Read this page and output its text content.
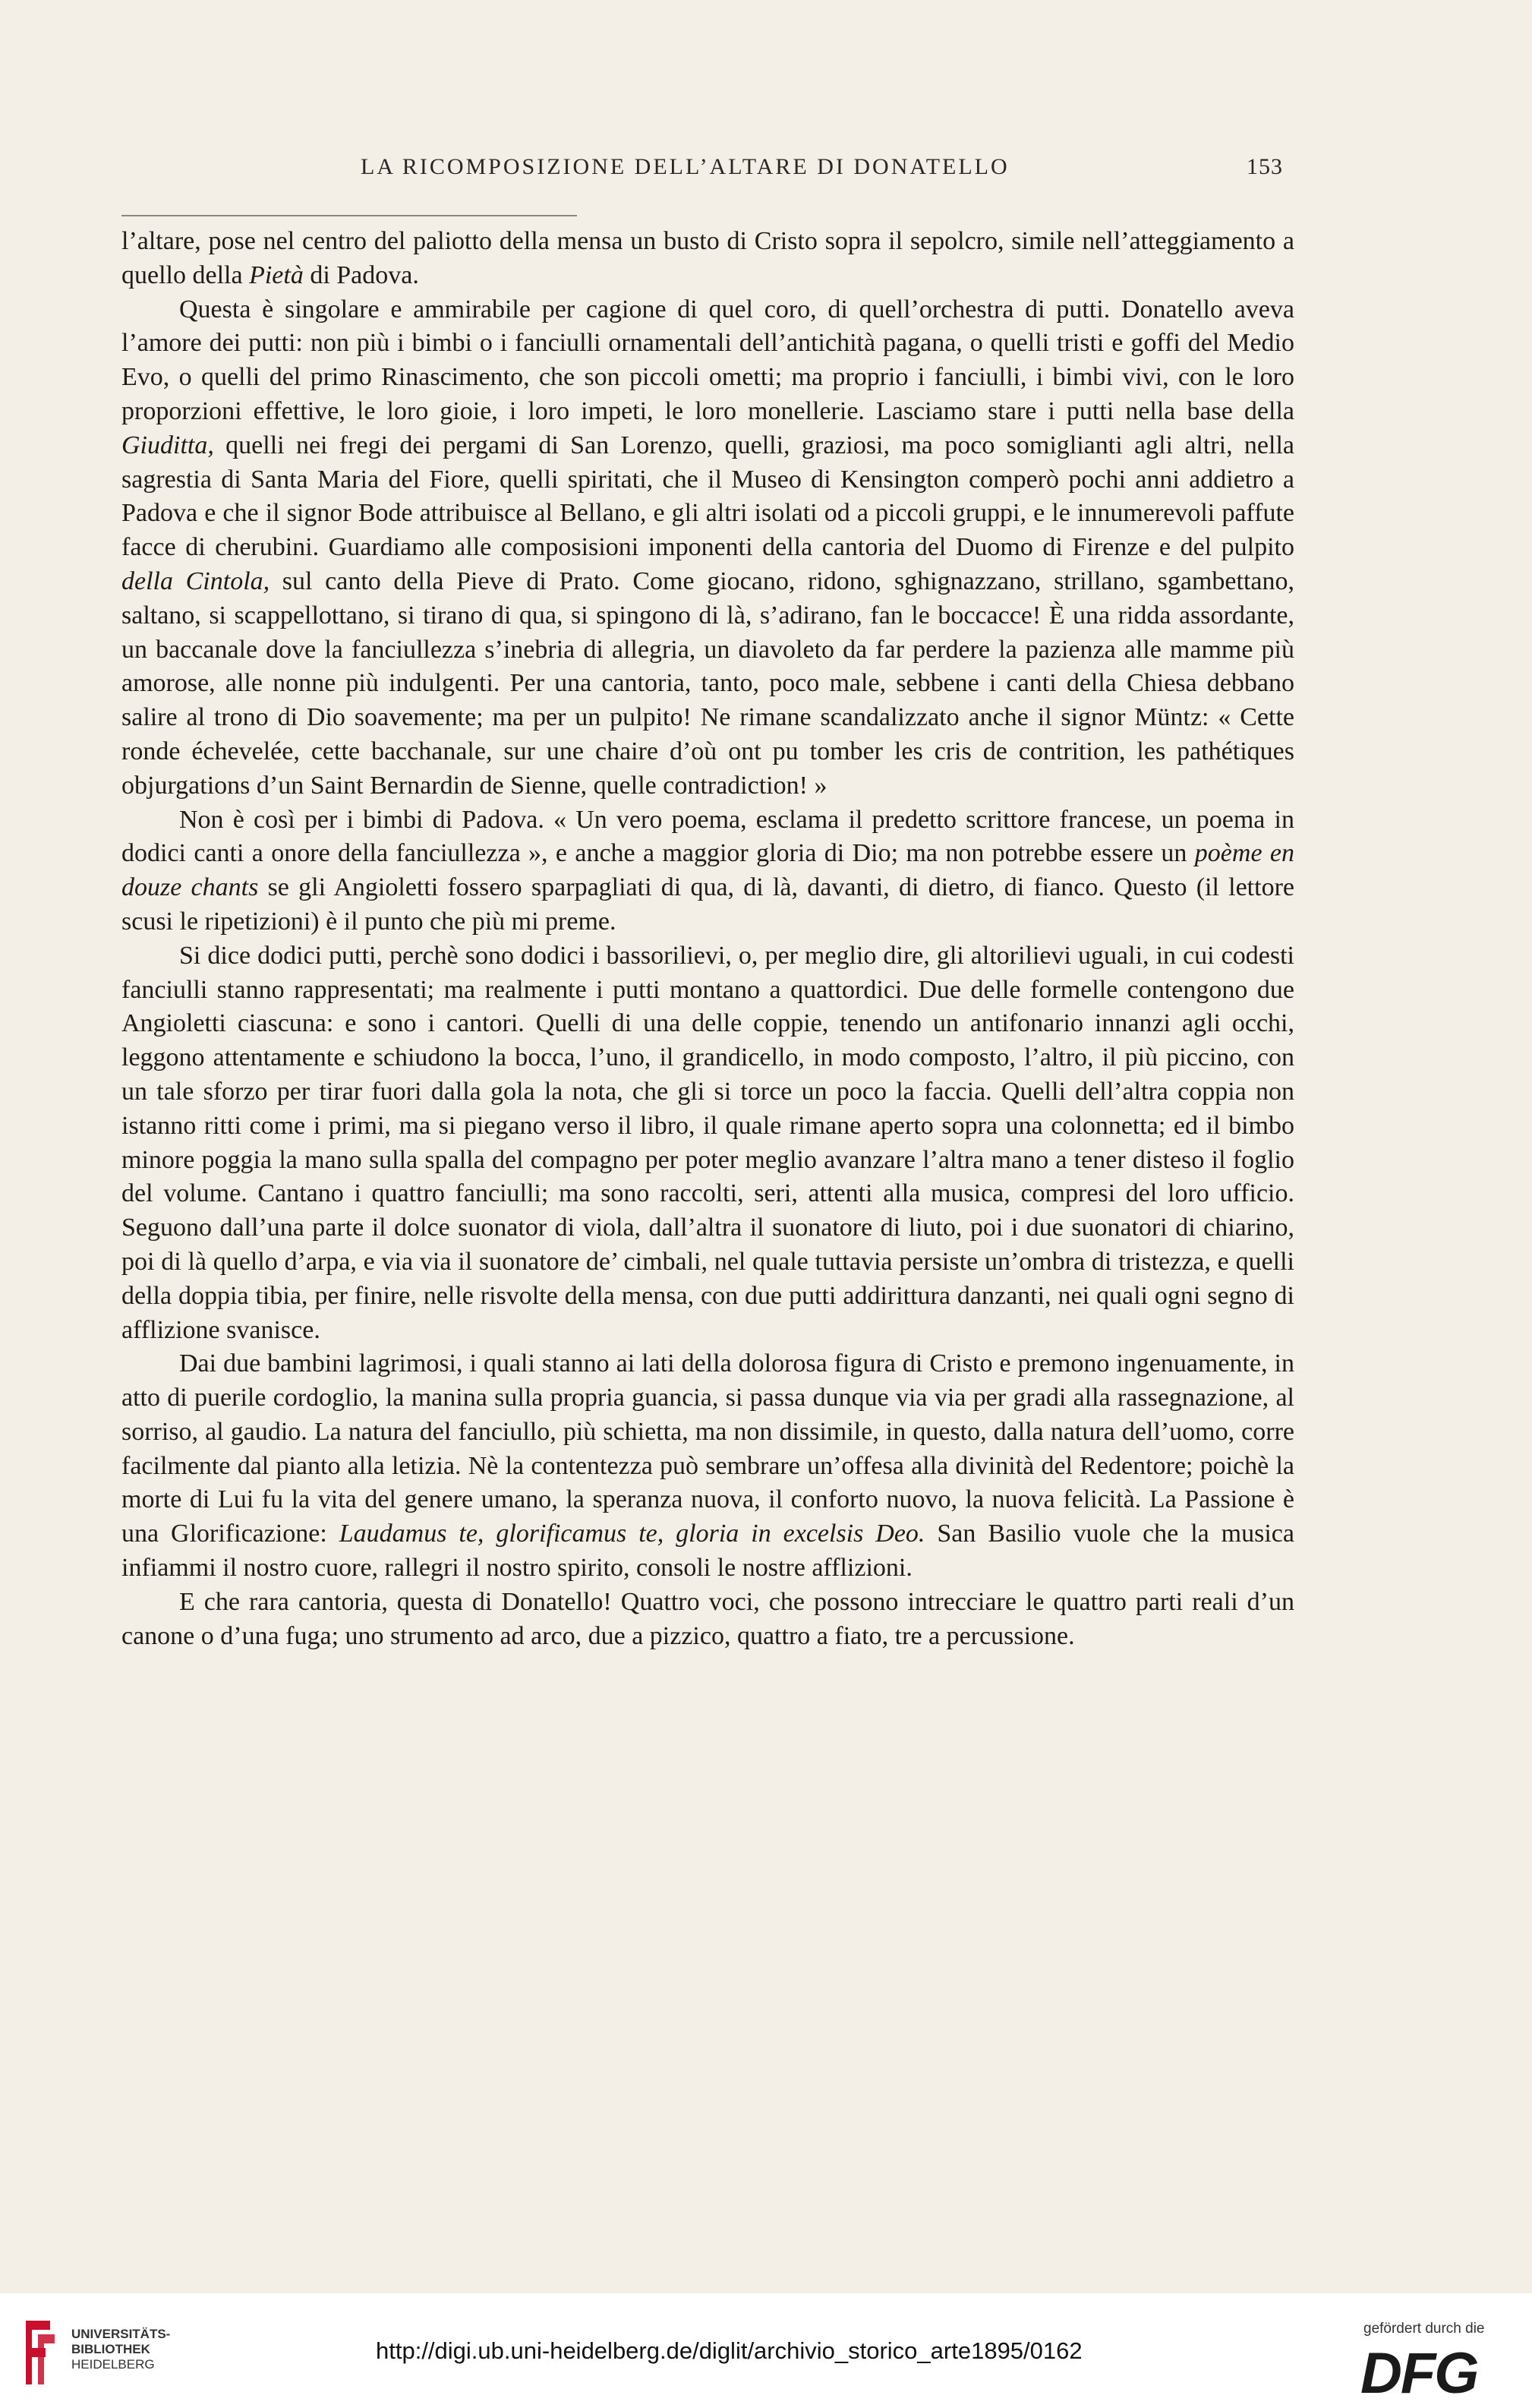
LA RICOMPOSIZIONE DELL’ALTARE DI DONATELLO	153

l’altare, pose nel centro del paliotto della mensa un busto di Cristo sopra il sepolcro, simile nell’atteggiamento a quello della Pietà di Padova.

Questa è singolare e ammirabile per cagione di quel coro, di quell’orchestra di putti. Donatello aveva l’amore dei putti: non più i bimbi o i fanciulli ornamentali dell’antichità pagana, o quelli tristi e goffi del Medio Evo, o quelli del primo Rinascimento, che son piccoli ometti; ma proprio i fanciulli, i bimbi vivi, con le loro proporzioni effettive, le loro gioie, i loro impeti, le loro monellerie. Lasciamo stare i putti nella base della Giuditta, quelli nei fregi dei pergami di San Lorenzo, quelli, graziosi, ma poco somiglianti agli altri, nella sagrestia di Santa Maria del Fiore, quelli spiritati, che il Museo di Kensington comperò pochi anni addietro a Padova e che il signor Bode attribuisce al Bellano, e gli altri isolati od a piccoli gruppi, e le innumerevoli paffute facce di cherubini. Guardiamo alle composisioni imponenti della cantoria del Duomo di Firenze e del pulpito della Cintola, sul canto della Pieve di Prato. Come giocano, ridono, sghignazzano, strillano, sgambettano, saltano, si scappellottano, si tirano di qua, si spingono di là, s’adirano, fan le boccacce! È una ridda assordante, un baccanale dove la fanciullezza s’inebria di allegria, un diavoleto da far perdere la pazienza alle mamme più amorose, alle nonne più indulgenti. Per una cantoria, tanto, poco male, sebbene i canti della Chiesa debbano salire al trono di Dio soavemente; ma per un pulpito! Ne rimane scandalizzato anche il signor Müntz: « Cette ronde échevelée, cette bacchanale, sur une chaire d’où ont pu tomber les cris de contrition, les pathétiques objurgations d’un Saint Bernardin de Sienne, quelle contradiction! »

Non è così per i bimbi di Padova. « Un vero poema, esclama il predetto scrittore francese, un poema in dodici canti a onore della fanciullezza », e anche a maggior gloria di Dio; ma non potrebbe essere un poème en douze chants se gli Angioletti fossero sparpagliati di qua, di là, davanti, di dietro, di fianco. Questo (il lettore scusi le ripetizioni) è il punto che più mi preme.

Si dice dodici putti, perchè sono dodici i bassorilievi, o, per meglio dire, gli altorilievi uguali, in cui codesti fanciulli stanno rappresentati; ma realmente i putti montano a quattordici. Due delle formelle contengono due Angioletti ciascuna: e sono i cantori. Quelli di una delle coppie, tenendo un antifonario innanzi agli occhi, leggono attentamente e schiudono la bocca, l’uno, il grandicello, in modo composto, l’altro, il più piccino, con un tale sforzo per tirar fuori dalla gola la nota, che gli si torce un poco la faccia. Quelli dell’altra coppia non istanno ritti come i primi, ma si piegano verso il libro, il quale rimane aperto sopra una colonnetta; ed il bimbo minore poggia la mano sulla spalla del compagno per poter meglio avanzare l’altra mano a tener disteso il foglio del volume. Cantano i quattro fanciulli; ma sono raccolti, seri, attenti alla musica, compresi del loro ufficio. Seguono dall’una parte il dolce suonator di viola, dall’altra il suonatore di liuto, poi i due suonatori di chiarino, poi di là quello d’arpa, e via via il suonatore de’ cimbali, nel quale tuttavia persiste un’ombra di tristezza, e quelli della doppia tibia, per finire, nelle risvolte della mensa, con due putti addirittura danzanti, nei quali ogni segno di afflizione svanisce.

Dai due bambini lagrimosi, i quali stanno ai lati della dolorosa figura di Cristo e premono ingenuamente, in atto di puerile cordoglio, la manina sulla propria guancia, si passa dunque via via per gradi alla rassegnazione, al sorriso, al gaudio. La natura del fanciullo, più schietta, ma non dissimile, in questo, dalla natura dell’uomo, corre facilmente dal pianto alla letizia. Nè la contentezza può sembrare un’offesa alla divinità del Redentore; poichè la morte di Lui fu la vita del genere umano, la speranza nuova, il conforto nuovo, la nuova felicità. La Passione è una Glorificazione: Laudamus te, glorificamus te, gloria in excelsis Deo. San Basilio vuole che la musica infiammi il nostro cuore, rallegri il nostro spirito, consoli le nostre afflizioni.

E che rara cantoria, questa di Donatello! Quattro voci, che possono intrecciare le quattro parti reali d’un canone o d’una fuga; uno strumento ad arco, due a pizzico, quattro a fiato, tre a percussione.

UNIVERSITÄTS-
BIBLIOTHEK
HEIDELBERG
http://digi.ub.uni-heidelberg.de/diglit/archivio_storico_arte1895/0162
gefördert durch die
DFG
